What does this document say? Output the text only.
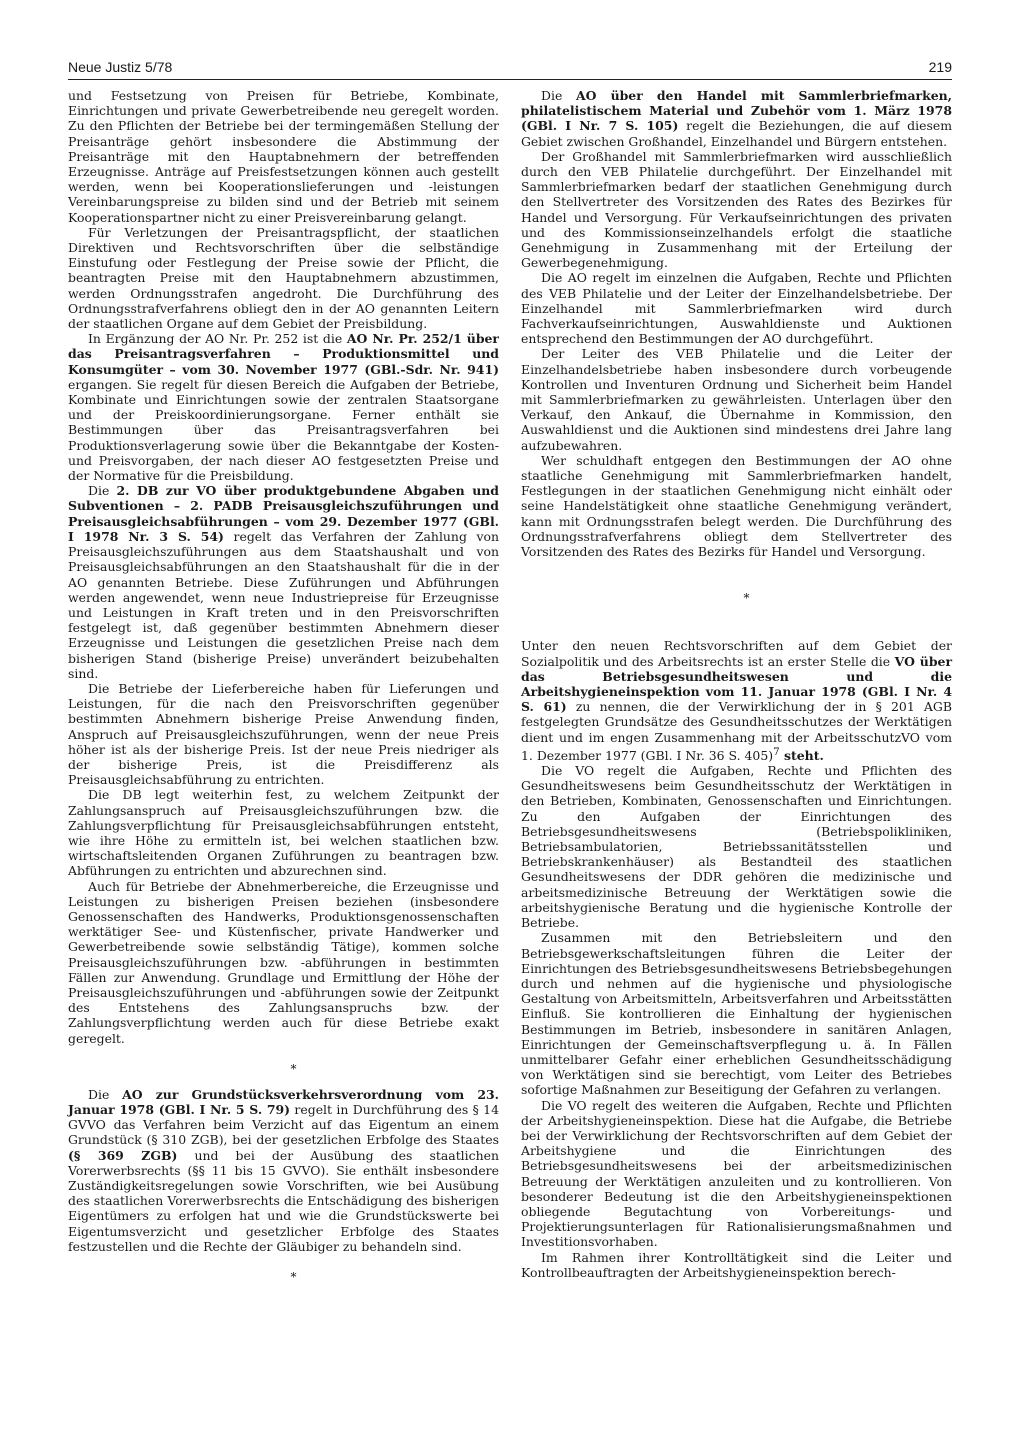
Neue Justiz 5/78	219

und Festsetzung von Preisen für Betriebe, Kombinate, Einrichtungen und private Gewerbetreibende neu geregelt worden. Zu den Pflichten der Betriebe bei der termingemäßen Stellung der Preisanträge gehört insbesondere die Abstimmung der Preisanträge mit den Hauptabnehmern der betreffenden Erzeugnisse. Anträge auf Preisfestsetzungen können auch gestellt werden, wenn bei Kooperationslieferungen und -leistungen Vereinbarungspreise zu bilden sind und der Betrieb mit seinem Kooperationspartner nicht zu einer Preisvereinbarung gelangt.

Für Verletzungen der Preisantragspflicht, der staatlichen Direktiven und Rechtsvorschriften über die selbständige Einstufung oder Festlegung der Preise sowie der Pflicht, die beantragten Preise mit den Hauptabnehmern abzustimmen, werden Ordnungsstrafen angedroht. Die Durchführung des Ordnungsstrafverfahrens obliegt den in der AO genannten Leitern der staatlichen Organe auf dem Gebiet der Preisbildung.

In Ergänzung der AO Nr. Pr. 252 ist die AO Nr. Pr. 252/1 über das Preisantragsverfahren – Produktionsmittel und Konsumgüter – vom 30. November 1977 (GBl.-Sdr. Nr. 941) ergangen. Sie regelt für diesen Bereich die Aufgaben der Betriebe, Kombinate und Einrichtungen sowie der zentralen Staatsorgane und der Preiskoordinierungsorgane. Ferner enthält sie Bestimmungen über das Preisantragsverfahren bei Produktionsverlagerung sowie über die Bekanntgabe der Kosten- und Preisvorgaben, der nach dieser AO festgesetzten Preise und der Normative für die Preisbildung.

Die 2. DB zur VO über produktgebundene Abgaben und Subventionen – 2. PADB Preisausgleichszuführungen und Preisausgleichsabführungen – vom 29. Dezember 1977 (GBl. I 1978 Nr. 3 S. 54) regelt das Verfahren der Zahlung von Preisausgleichszuführungen aus dem Staatshaushalt und von Preisausgleichsabführungen an den Staatshaushalt für die in der AO genannten Betriebe. Diese Zuführungen und Abführungen werden angewendet, wenn neue Industriepreise für Erzeugnisse und Leistungen in Kraft treten und in den Preisvorschriften festgelegt ist, daß gegenüber bestimmten Abnehmern dieser Erzeugnisse und Leistungen die gesetzlichen Preise nach dem bisherigen Stand (bisherige Preise) unverändert beizubehalten sind.

Die Betriebe der Lieferbereiche haben für Lieferungen und Leistungen, für die nach den Preisvorschriften gegenüber bestimmten Abnehmern bisherige Preise Anwendung finden, Anspruch auf Preisausgleichszuführungen, wenn der neue Preis höher ist als der bisherige Preis. Ist der neue Preis niedriger als der bisherige Preis, ist die Preisdifferenz als Preisausgleichsabführung zu entrichten.

Die DB legt weiterhin fest, zu welchem Zeitpunkt der Zahlungsanspruch auf Preisausgleichszuführungen bzw. die Zahlungsverpflichtung für Preisausgleichsabführungen entsteht, wie ihre Höhe zu ermitteln ist, bei welchen staatlichen bzw. wirtschaftsleitenden Organen Zuführungen zu beantragen bzw. Abführungen zu entrichten und abzurechnen sind.

Auch für Betriebe der Abnehmerbereiche, die Erzeugnisse und Leistungen zu bisherigen Preisen beziehen (insbesondere Genossenschaften des Handwerks, Produktionsgenossenschaften werktätiger See- und Küstenfischer, private Handwerker und Gewerbetreibende sowie selbständig Tätige), kommen solche Preisausgleichszuführungen bzw. -abführungen in bestimmten Fällen zur Anwendung. Grundlage und Ermittlung der Höhe der Preisausgleichszuführungen und -abführungen sowie der Zeitpunkt des Entstehens des Zahlungsanspruchs bzw. der Zahlungsverpflichtung werden auch für diese Betriebe exakt geregelt.

*

Die AO zur Grundstücksverkehrsverordnung vom 23. Januar 1978 (GBl. I Nr. 5 S. 79) regelt in Durchführung des § 14 GVVO das Verfahren beim Verzicht auf das Eigentum an einem Grundstück (§ 310 ZGB), bei der gesetzlichen Erbfolge des Staates (§ 369 ZGB) und bei der Ausübung des staatlichen Vorerwerbsrechts (§§ 11 bis 15 GVVO). Sie enthält insbesondere Zuständigkeitsregelungen sowie Vorschriften, wie bei Ausübung des staatlichen Vorerwerbsrechts die Entschädigung des bisherigen Eigentümers zu erfolgen hat und wie die Grundstückswerte bei Eigentumsverzicht und gesetzlicher Erbfolge des Staates festzustellen und die Rechte der Gläubiger zu behandeln sind.

*

Die AO über den Handel mit Sammlerbriefmarken, philatelistischem Material und Zubehör vom 1. März 1978 (GBl. I Nr. 7 S. 105) regelt die Beziehungen, die auf diesem Gebiet zwischen Großhandel, Einzelhandel und Bürgern entstehen.

Der Großhandel mit Sammlerbriefmarken wird ausschließlich durch den VEB Philatelie durchgeführt. Der Einzelhandel mit Sammlerbriefmarken bedarf der staatlichen Genehmigung durch den Stellvertreter des Vorsitzenden des Rates des Bezirkes für Handel und Versorgung. Für Verkaufseinrichtungen des privaten und des Kommissionseinzelhandels erfolgt die staatliche Genehmigung in Zusammenhang mit der Erteilung der Gewerbegenehmigung.

Die AO regelt im einzelnen die Aufgaben, Rechte und Pflichten des VEB Philatelie und der Leiter der Einzelhandelsbetriebe. Der Einzelhandel mit Sammlerbriefmarken wird durch Fachverkaufseinrichtungen, Auswahldienste und Auktionen entsprechend den Bestimmungen der AO durchgeführt.

Der Leiter des VEB Philatelie und die Leiter der Einzelhandelsbetriebe haben insbesondere durch vorbeugende Kontrollen und Inventuren Ordnung und Sicherheit beim Handel mit Sammlerbriefmarken zu gewährleisten. Unterlagen über den Verkauf, den Ankauf, die Übernahme in Kommission, den Auswahldienst und die Auktionen sind mindestens drei Jahre lang aufzubewahren.

Wer schuldhaft entgegen den Bestimmungen der AO ohne staatliche Genehmigung mit Sammlerbriefmarken handelt, Festlegungen in der staatlichen Genehmigung nicht einhält oder seine Handelstätigkeit ohne staatliche Genehmigung verändert, kann mit Ordnungsstrafen belegt werden. Die Durchführung des Ordnungsstrafverfahrens obliegt dem Stellvertreter des Vorsitzenden des Rates des Bezirks für Handel und Versorgung.

*

Unter den neuen Rechtsvorschriften auf dem Gebiet der Sozialpolitik und des Arbeitsrechts ist an erster Stelle die VO über das Betriebsgesundheitswesen und die Arbeitshygieneinspektion vom 11. Januar 1978 (GBl. I Nr. 4 S. 61) zu nennen, die der Verwirklichung der in § 201 AGB festgelegten Grundsätze des Gesundheitsschutzes der Werktätigen dient und im engen Zusammenhang mit der ArbeitsschutzVO vom 1. Dezember 1977 (GBl. I Nr. 36 S. 405)$^7$ steht.

Die VO regelt die Aufgaben, Rechte und Pflichten des Gesundheitswesens beim Gesundheitsschutz der Werktätigen in den Betrieben, Kombinaten, Genossenschaften und Einrichtungen. Zu den Aufgaben der Einrichtungen des Betriebsgesundheitswesens (Betriebspolikliniken, Betriebsambulatorien, Betriebssanitätsstellen und Betriebskrankenhäuser) als Bestandteil des staatlichen Gesundheitswesens der DDR gehören die medizinische und arbeitsmedizinische Betreuung der Werktätigen sowie die arbeitshygienische Beratung und die hygienische Kontrolle der Betriebe.

Zusammen mit den Betriebsleitern und den Betriebsgewerkschaftsleitungen führen die Leiter der Einrichtungen des Betriebsgesundheitswesens Betriebsbegehungen durch und nehmen auf die hygienische und physiologische Gestaltung von Arbeitsmitteln, Arbeitsverfahren und Arbeitsstätten Einfluß. Sie kontrollieren die Einhaltung der hygienischen Bestimmungen im Betrieb, insbesondere in sanitären Anlagen, Einrichtungen der Gemeinschaftsverpflegung u. ä. In Fällen unmittelbarer Gefahr einer erheblichen Gesundheitsschädigung von Werktätigen sind sie berechtigt, vom Leiter des Betriebes sofortige Maßnahmen zur Beseitigung der Gefahren zu verlangen.

Die VO regelt des weiteren die Aufgaben, Rechte und Pflichten der Arbeitshygieneinspektion. Diese hat die Aufgabe, die Betriebe bei der Verwirklichung der Rechtsvorschriften auf dem Gebiet der Arbeitshygiene und die Einrichtungen des Betriebsgesundheitswesens bei der arbeitsmedizinischen Betreuung der Werktätigen anzuleiten und zu kontrollieren. Von besonderer Bedeutung ist die den Arbeitshygieneinspektionen obliegende Begutachtung von Vorbereitungs- und Projektierungsunterlagen für Rationalisierungsmaßnahmen und Investitionsvorhaben.

Im Rahmen ihrer Kontrolltätigkeit sind die Leiter und Kontrollbeauftragten der Arbeitshygieneinspektion berech-
